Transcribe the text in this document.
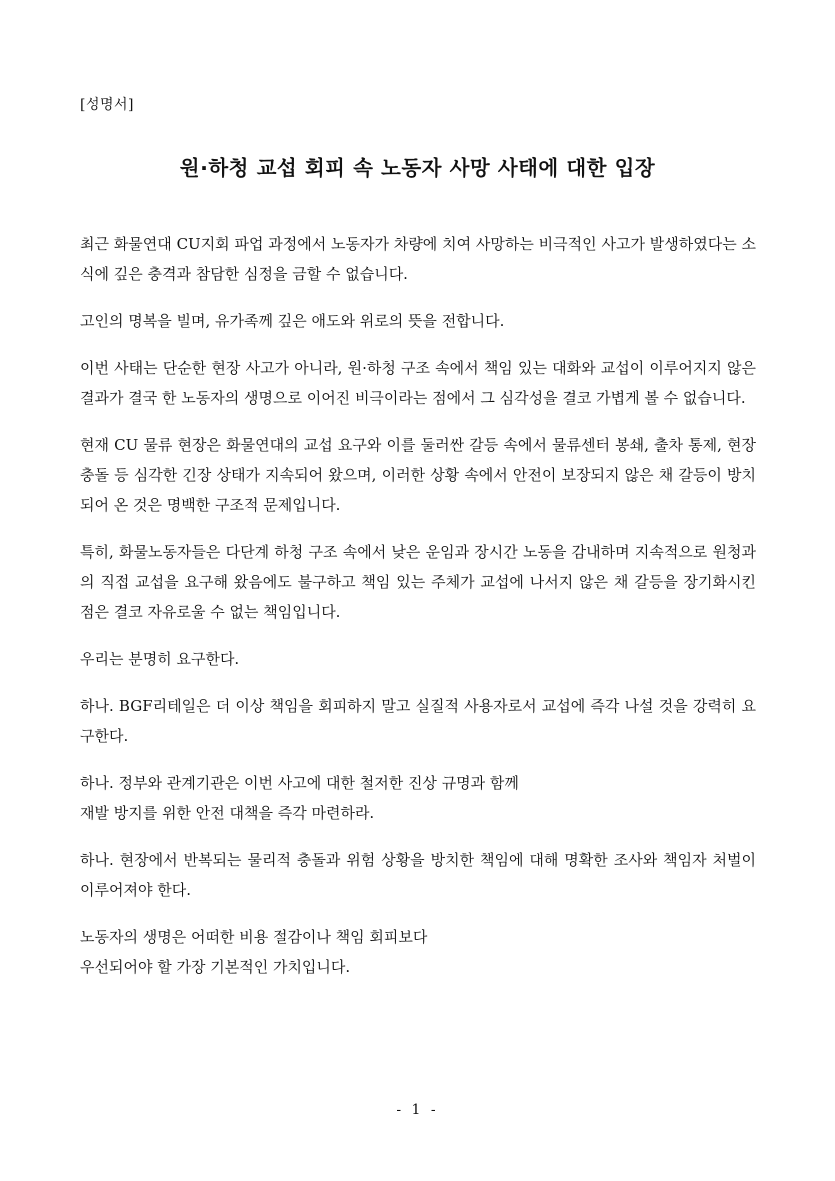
[성명서]
원·하청 교섭 회피 속 노동자 사망 사태에 대한 입장

최근 화물연대 CU지회 파업 과정에서 노동자가 차량에 치여 사망하는 비극적인 사고가 발생하였다는 소식에 깊은 충격과 참담한 심정을 금할 수 없습니다.

고인의 명복을 빌며, 유가족께 깊은 애도와 위로의 뜻을 전합니다.

이번 사태는 단순한 현장 사고가 아니라, 원·하청 구조 속에서 책임 있는 대화와 교섭이 이루어지지 않은 결과가 결국 한 노동자의 생명으로 이어진 비극이라는 점에서 그 심각성을 결코 가볍게 볼 수 없습니다.

현재 CU 물류 현장은 화물연대의 교섭 요구와 이를 둘러싼 갈등 속에서 물류센터 봉쇄, 출차 통제, 현장 충돌 등 심각한 긴장 상태가 지속되어 왔으며, 이러한 상황 속에서 안전이 보장되지 않은 채 갈등이 방치되어 온 것은 명백한 구조적 문제입니다.

특히, 화물노동자들은 다단계 하청 구조 속에서 낮은 운임과 장시간 노동을 감내하며 지속적으로 원청과의 직접 교섭을 요구해 왔음에도 불구하고 책임 있는 주체가 교섭에 나서지 않은 채 갈등을 장기화시킨 점은 결코 자유로울 수 없는 책임입니다.

우리는 분명히 요구한다.

하나. BGF리테일은 더 이상 책임을 회피하지 말고 실질적 사용자로서 교섭에 즉각 나설 것을 강력히 요구한다.

하나. 정부와 관계기관은 이번 사고에 대한 철저한 진상 규명과 함께
재발 방지를 위한 안전 대책을 즉각 마련하라.

하나. 현장에서 반복되는 물리적 충돌과 위험 상황을 방치한 책임에 대해 명확한 조사와 책임자 처벌이 이루어져야 한다.

노동자의 생명은 어떠한 비용 절감이나 책임 회피보다
우선되어야 할 가장 기본적인 가치입니다.

- 1 -
